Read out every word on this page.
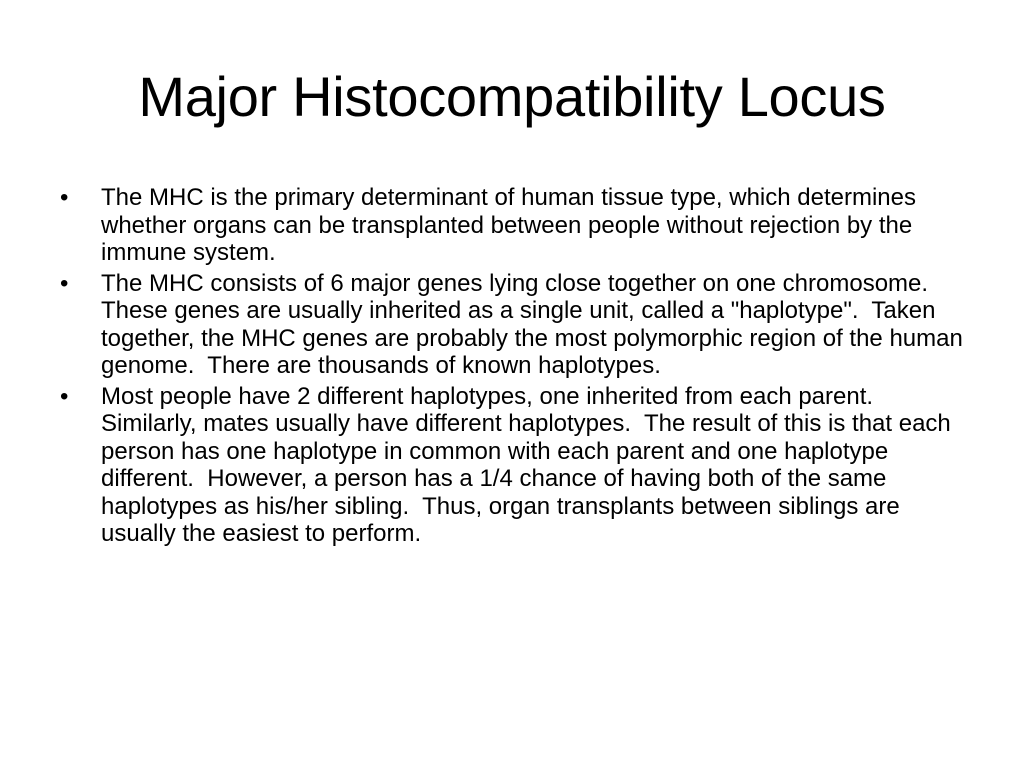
Major Histocompatibility Locus
•	The MHC is the primary determinant of human tissue type, which determines whether organs can be transplanted between people without rejection by the immune system.
•	The MHC consists of 6 major genes lying close together on one chromosome.  These genes are usually inherited as a single unit, called a "haplotype".  Taken together, the MHC genes are probably the most polymorphic region of the human genome.  There are thousands of known haplotypes.
•	Most people have 2 different haplotypes, one inherited from each parent.  Similarly, mates usually have different haplotypes.  The result of this is that each person has one haplotype in common with each parent and one haplotype different.  However, a person has a 1/4 chance of having both of the same haplotypes as his/her sibling.  Thus, organ transplants between siblings are usually the easiest to perform.
